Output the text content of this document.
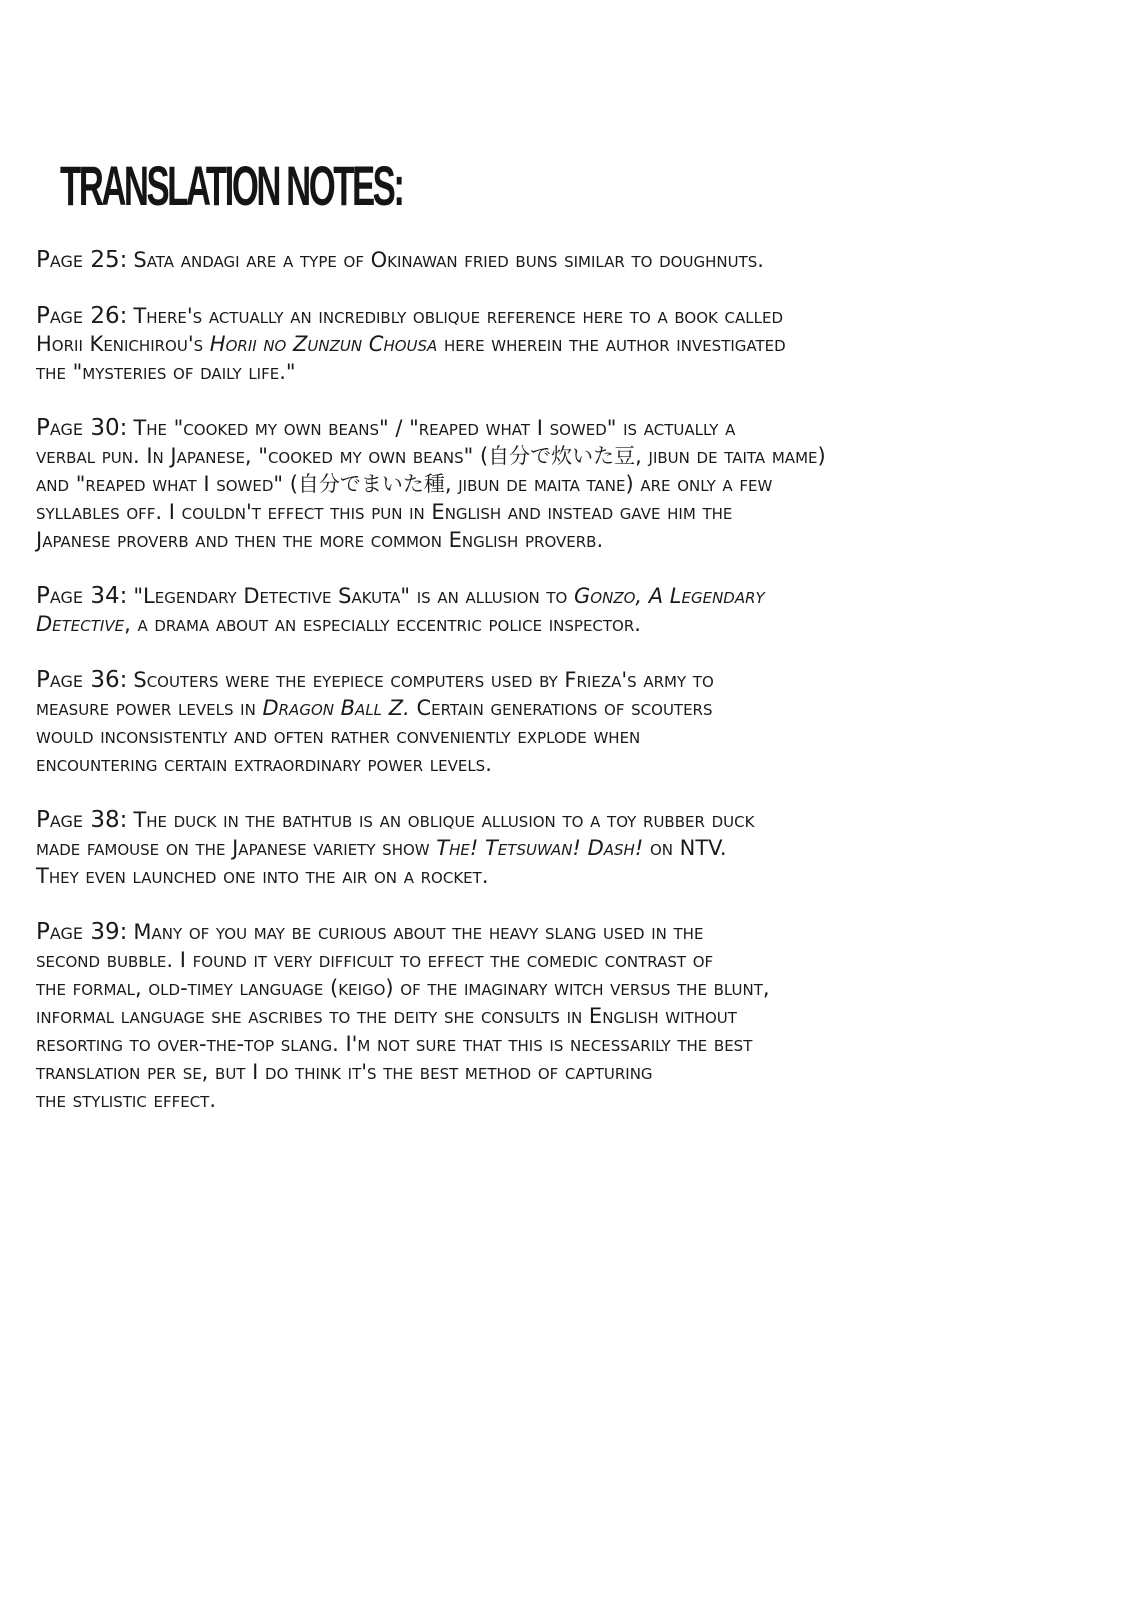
TRANSLATION NOTES:
Page 25: Sata andagi are a type of Okinawan fried buns similar to doughnuts.
Page 26: There's actually an incredibly oblique reference here to a book called
Horii Kenichirou's Horii no Zunzun Chousa here wherein the author investigated
the "mysteries of daily life."
Page 30: The "cooked my own beans" / "reaped what I sowed" is actually a
verbal pun. In Japanese, "cooked my own beans" (自分で炊いた豆, jibun de taita mame)
and "reaped what I sowed" (自分でまいた種, jibun de maita tane) are only a few
syllables off. I couldn't effect this pun in English and instead gave him the
Japanese proverb and then the more common English proverb.
Page 34: "Legendary Detective Sakuta" is an allusion to Gonzo, A Legendary
Detective, a drama about an especially eccentric police inspector.
Page 36: Scouters were the eyepiece computers used by Frieza's army to
measure power levels in Dragon Ball Z. Certain generations of scouters
would inconsistently and often rather conveniently explode when
encountering certain extraordinary power levels.
Page 38: The duck in the bathtub is an oblique allusion to a toy rubber duck
made famouse on the Japanese variety show The! Tetsuwan! Dash! on NTV.
They even launched one into the air on a rocket.
Page 39: Many of you may be curious about the heavy slang used in the
second bubble. I found it very difficult to effect the comedic contrast of
the formal, old-timey language (keigo) of the imaginary witch versus the blunt,
informal language she ascribes to the deity she consults in English without
resorting to over-the-top slang. I'm not sure that this is necessarily the best
translation per se, but I do think it's the best method of capturing
the stylistic effect.
